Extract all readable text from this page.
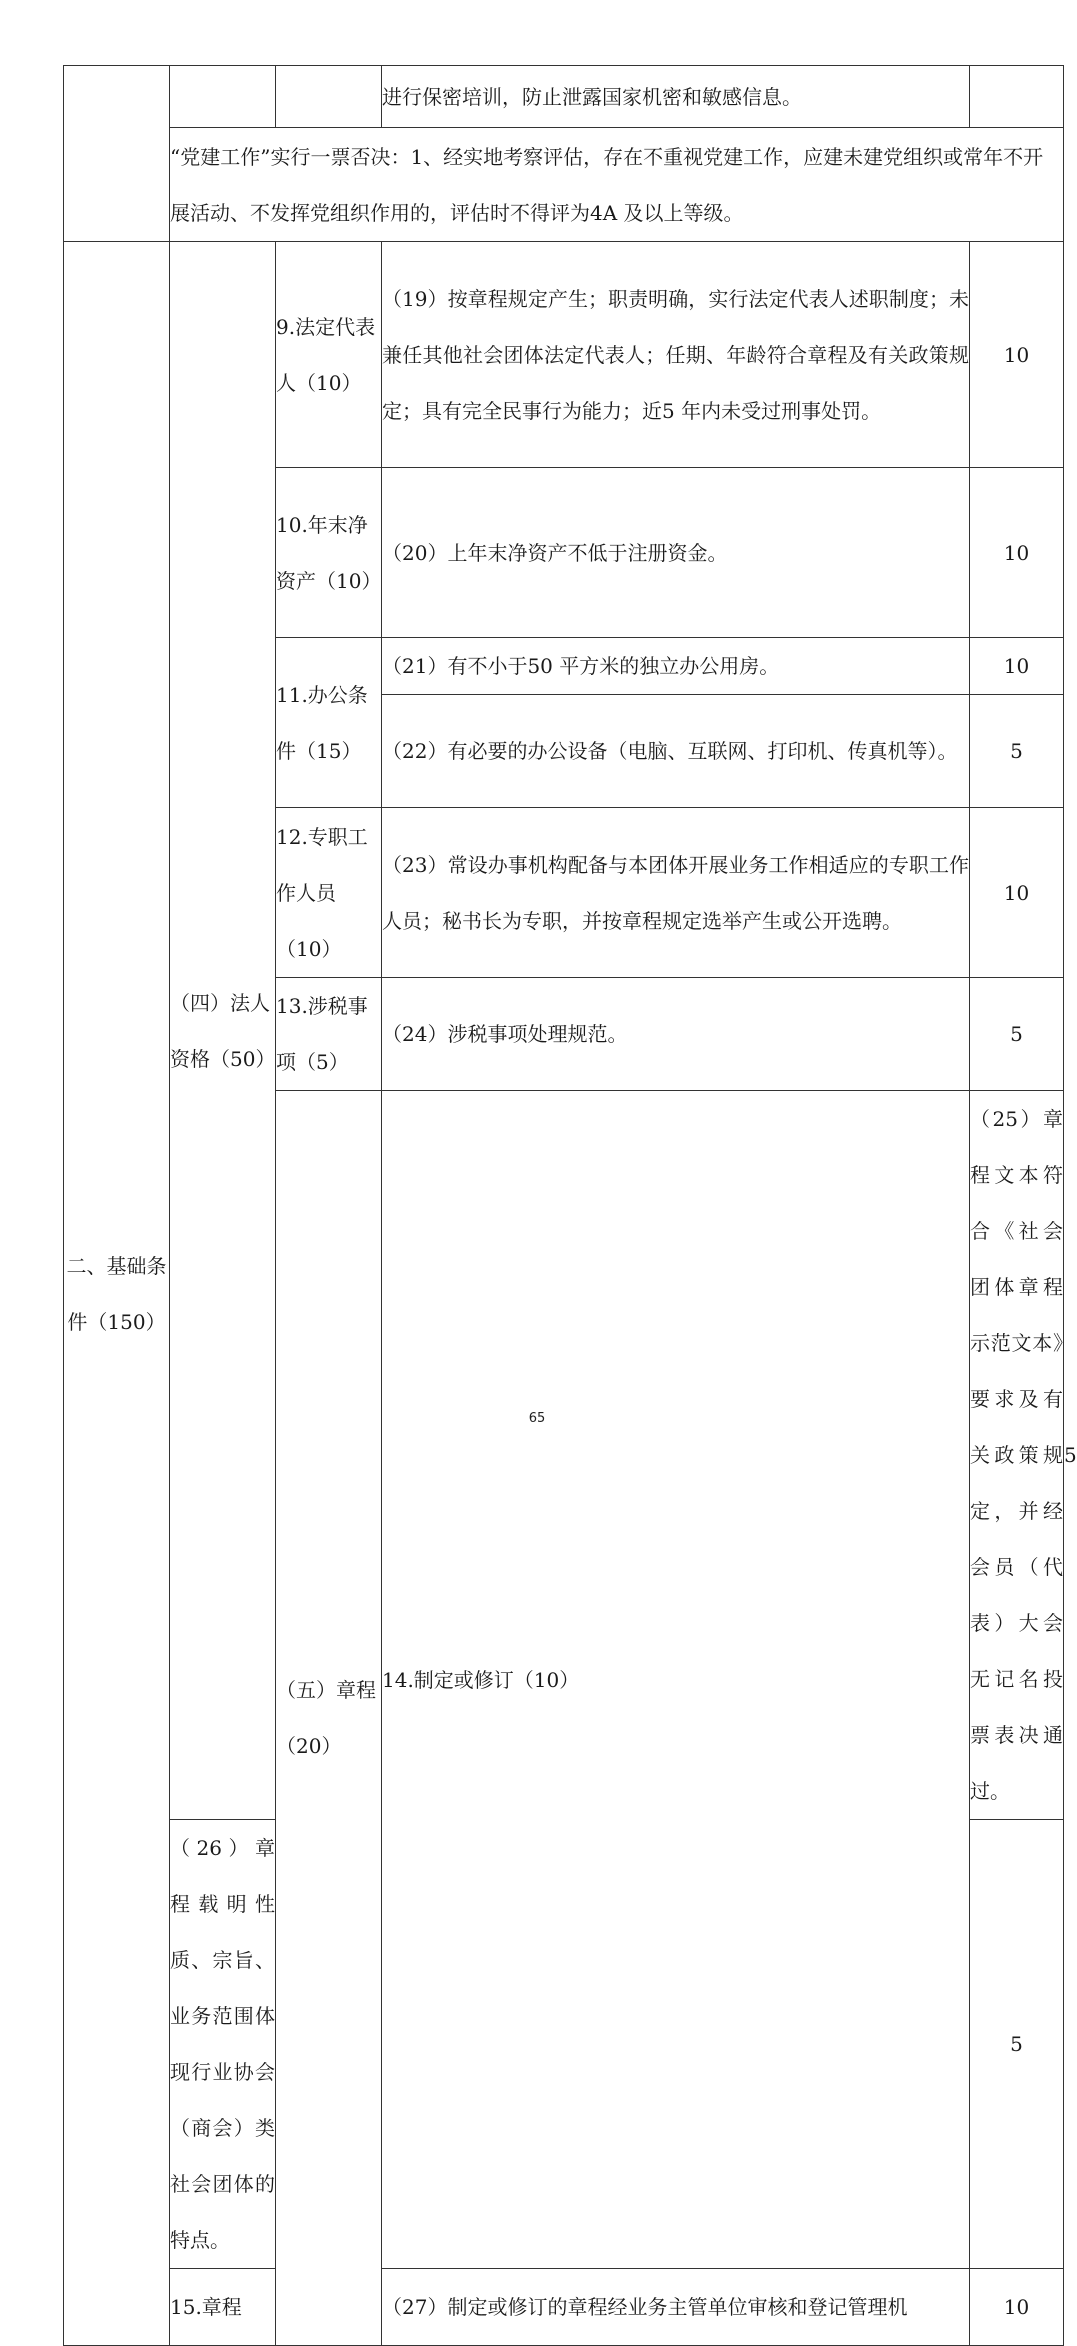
			进行保密培训，防止泄露国家机密和敏感信息。		
	“党建工作”实行一票否决：1、经实地考察评估，存在不重视党建工作，应建未建党组织或常年不开展活动、不发挥党组织作用的，评估时不得评为4A 及以上等级。				
二、基础条件（150）	（四）法人资格（50）	9.法定代表人（10）	（19）按章程规定产生；职责明确，实行法定代表人述职制度；未兼任其他社会团体法定代表人；任期、年龄符合章程及有关政策规定；具有完全民事行为能力；近5 年内未受过刑事处罚。	10	
		10.年末净资产（10）	（20）上年末净资产不低于注册资金。	10	
		11.办公条件（15）	（21）有不小于50 平方米的独立办公用房。	10	
			（22）有必要的办公设备（电脑、互联网、打印机、传真机等）。	5	
		12.专职工作人员（10）	（23）常设办事机构配备与本团体开展业务工作相适应的专职工作人员；秘书长为专职，并按章程规定选举产生或公开选聘。	10	
		13.涉税事项（5）	（24）涉税事项处理规范。	5	
		（五）章程（20）	14.制定或修订（10）	（25）章程文本符合《社会团体章程示范文本》要求及有关政策规定，并经会员（代表）大会无记名投票表决通过。	5
	（26）章程载明性质、宗旨、业务范围体现行业协会（商会）类社会团体的特点。			5	
	15.章程		（27）制定或修订的章程经业务主管单位审核和登记管理机	10	
65
